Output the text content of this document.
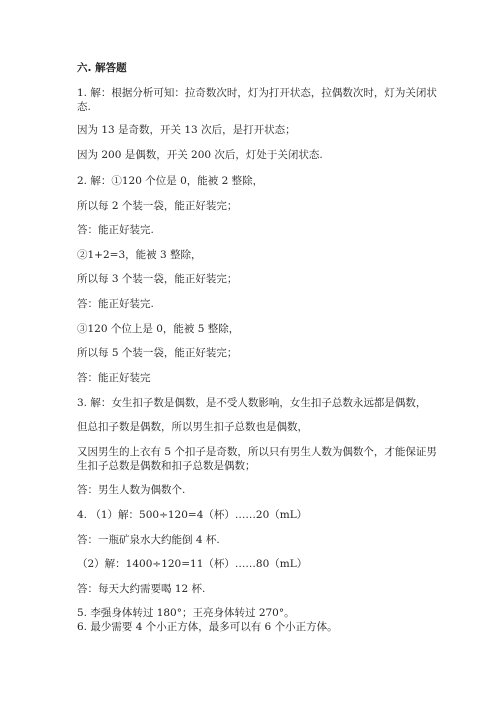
六. 解答题
1. 解：根据分析可知：拉奇数次时，灯为打开状态，拉偶数次时，灯为关闭状
态.
因为 13 是奇数，开关 13 次后，是打开状态；
因为 200 是偶数，开关 200 次后，灯处于关闭状态.
2. 解：①120 个位是 0，能被 2 整除，
所以每 2 个装一袋，能正好装完；
答：能正好装完.
②1+2=3，能被 3 整除，
所以每 3 个装一袋，能正好装完；
答：能正好装完.
③120 个位上是 0，能被 5 整除，
所以每 5 个装一袋，能正好装完；
答：能正好装完
3. 解：女生扣子数是偶数，是不受人数影响，女生扣子总数永远都是偶数，
但总扣子数是偶数，所以男生扣子总数也是偶数，
又因男生的上衣有 5 个扣子是奇数，所以只有男生人数为偶数个，才能保证男
生扣子总数是偶数和扣子总数是偶数；
答：男生人数为偶数个.
4. （1）解：500÷120=4（杯）……20（mL）
答：一瓶矿泉水大约能倒 4 杯.
（2）解：1400÷120=11（杯）……80（mL）
答：每天大约需要喝 12 杯.
5. 李强身体转过 180°；王亮身体转过 270°。
6. 最少需要 4 个小正方体，最多可以有 6 个小正方体。
